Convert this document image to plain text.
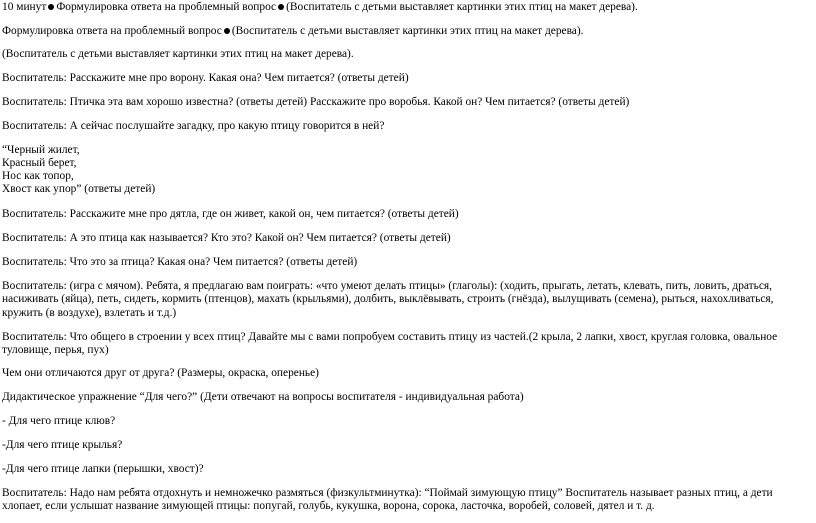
10 минут Формулировка ответа на проблемный вопрос (Воспитатель с детьми выставляет картинки этих птиц на макет дерева).
Формулировка ответа на проблемный вопрос (Воспитатель с детьми выставляет картинки этих птиц на макет дерева).
(Воспитатель с детьми выставляет картинки этих птиц на макет дерева).
Воспитатель: Расскажите мне про ворону. Какая она? Чем питается? (ответы детей)
Воспитатель: Птичка эта вам хорошо известна? (ответы детей) Расскажите про воробья. Какой он? Чем питается? (ответы детей)
Воспитатель: А сейчас послушайте загадку, про какую птицу говорится в ней?
“Черный жилет,
Красный берет,
Нос как топор,
Хвост как упор” (ответы детей)
Воспитатель: Расскажите мне про дятла, где он живет, какой он, чем питается? (ответы детей)
Воспитатель: А это птица как называется? Кто это? Какой он? Чем питается? (ответы детей)
Воспитатель: Что это за птица? Какая она? Чем питается? (ответы детей)
Воспитатель: (игра с мячом). Ребята, я предлагаю вам поиграть: «что умеют делать птицы» (глаголы): (ходить, прыгать, летать, клевать, пить, ловить, драться, насиживать (яйца), петь, сидеть, кормить (птенцов), махать (крыльями), долбить, выклёвывать, строить (гнёзда), вылущивать (семена), рыться, нахохливаться, кружить (в воздухе), взлетать и т.д.)
Воспитатель: Что общего в строении у всех птиц? Давайте мы с вами попробуем составить птицу из частей.(2 крыла, 2 лапки, хвост, круглая головка, овальное туловище, перья, пух)
Чем они отличаются друг от друга? (Размеры, окраска, оперенье)
Дидактическое упражнение “Для чего?” (Дети отвечают на вопросы воспитателя - индивидуальная работа)
- Для чего птице клюв?
-Для чего птице крылья?
-Для чего птице лапки (перышки, хвост)?
Воспитатель: Надо нам ребята отдохнуть и немножечко размяться (физкультминутка): “Поймай зимующую птицу” Воспитатель называет разных птиц, а дети хлопает, если услышат название зимующей птицы: попугай, голубь, кукушка, ворона, сорока, ласточка, воробей, соловей, дятел и т. д.
